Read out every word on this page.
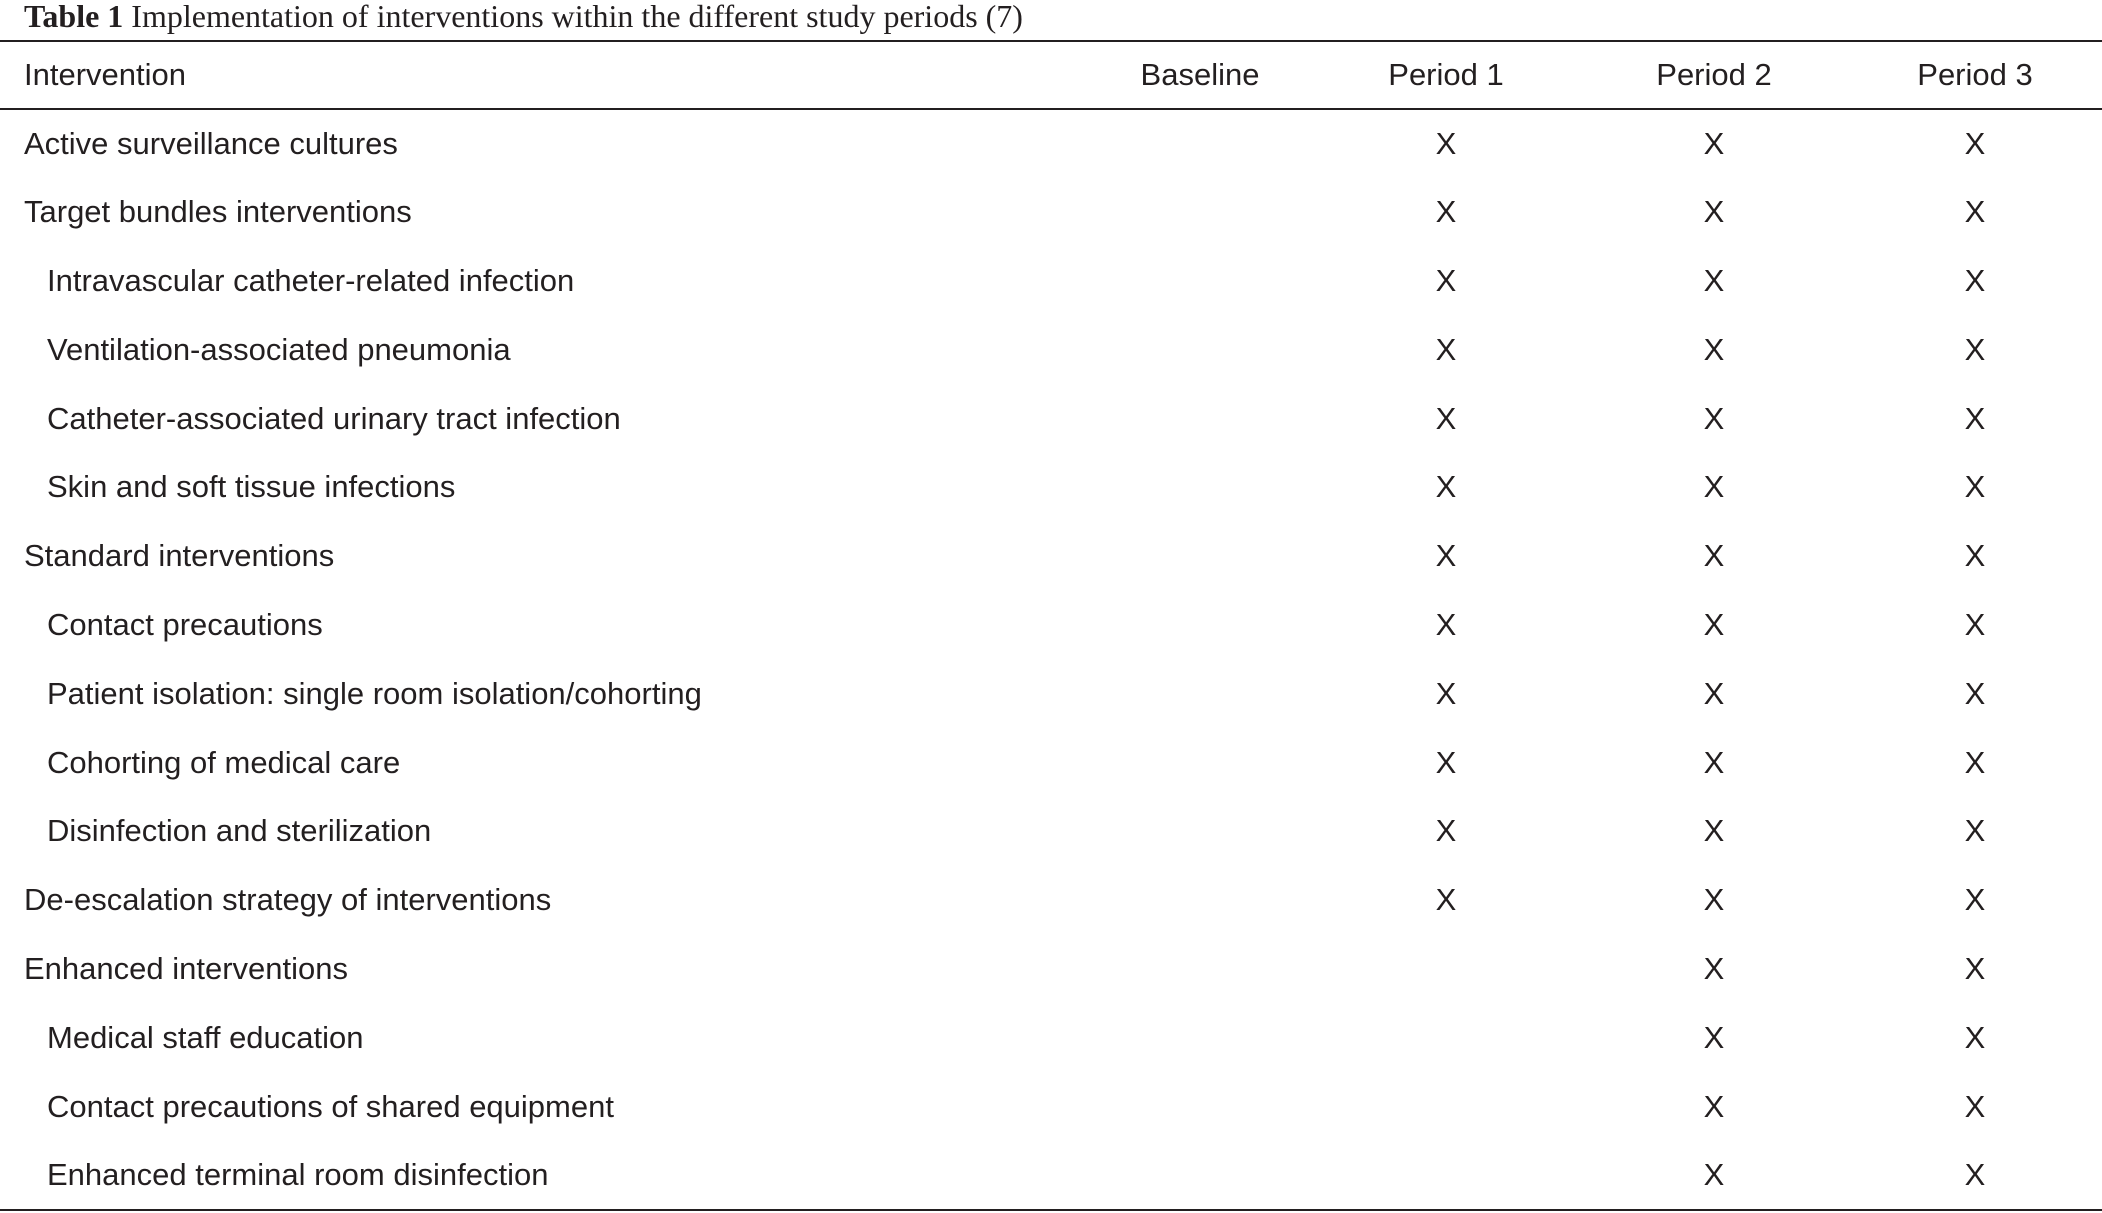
Table 1 Implementation of interventions within the different study periods (7)
Intervention	Baseline	Period 1	Period 2	Period 3
Active surveillance cultures		X	X	X
Target bundles interventions		X	X	X
Intravascular catheter-related infection		X	X	X
Ventilation-associated pneumonia		X	X	X
Catheter-associated urinary tract infection		X	X	X
Skin and soft tissue infections		X	X	X
Standard interventions		X	X	X
Contact precautions		X	X	X
Patient isolation: single room isolation/cohorting		X	X	X
Cohorting of medical care		X	X	X
Disinfection and sterilization		X	X	X
De-escalation strategy of interventions		X	X	X
Enhanced interventions			X	X
Medical staff education			X	X
Contact precautions of shared equipment			X	X
Enhanced terminal room disinfection			X	X
